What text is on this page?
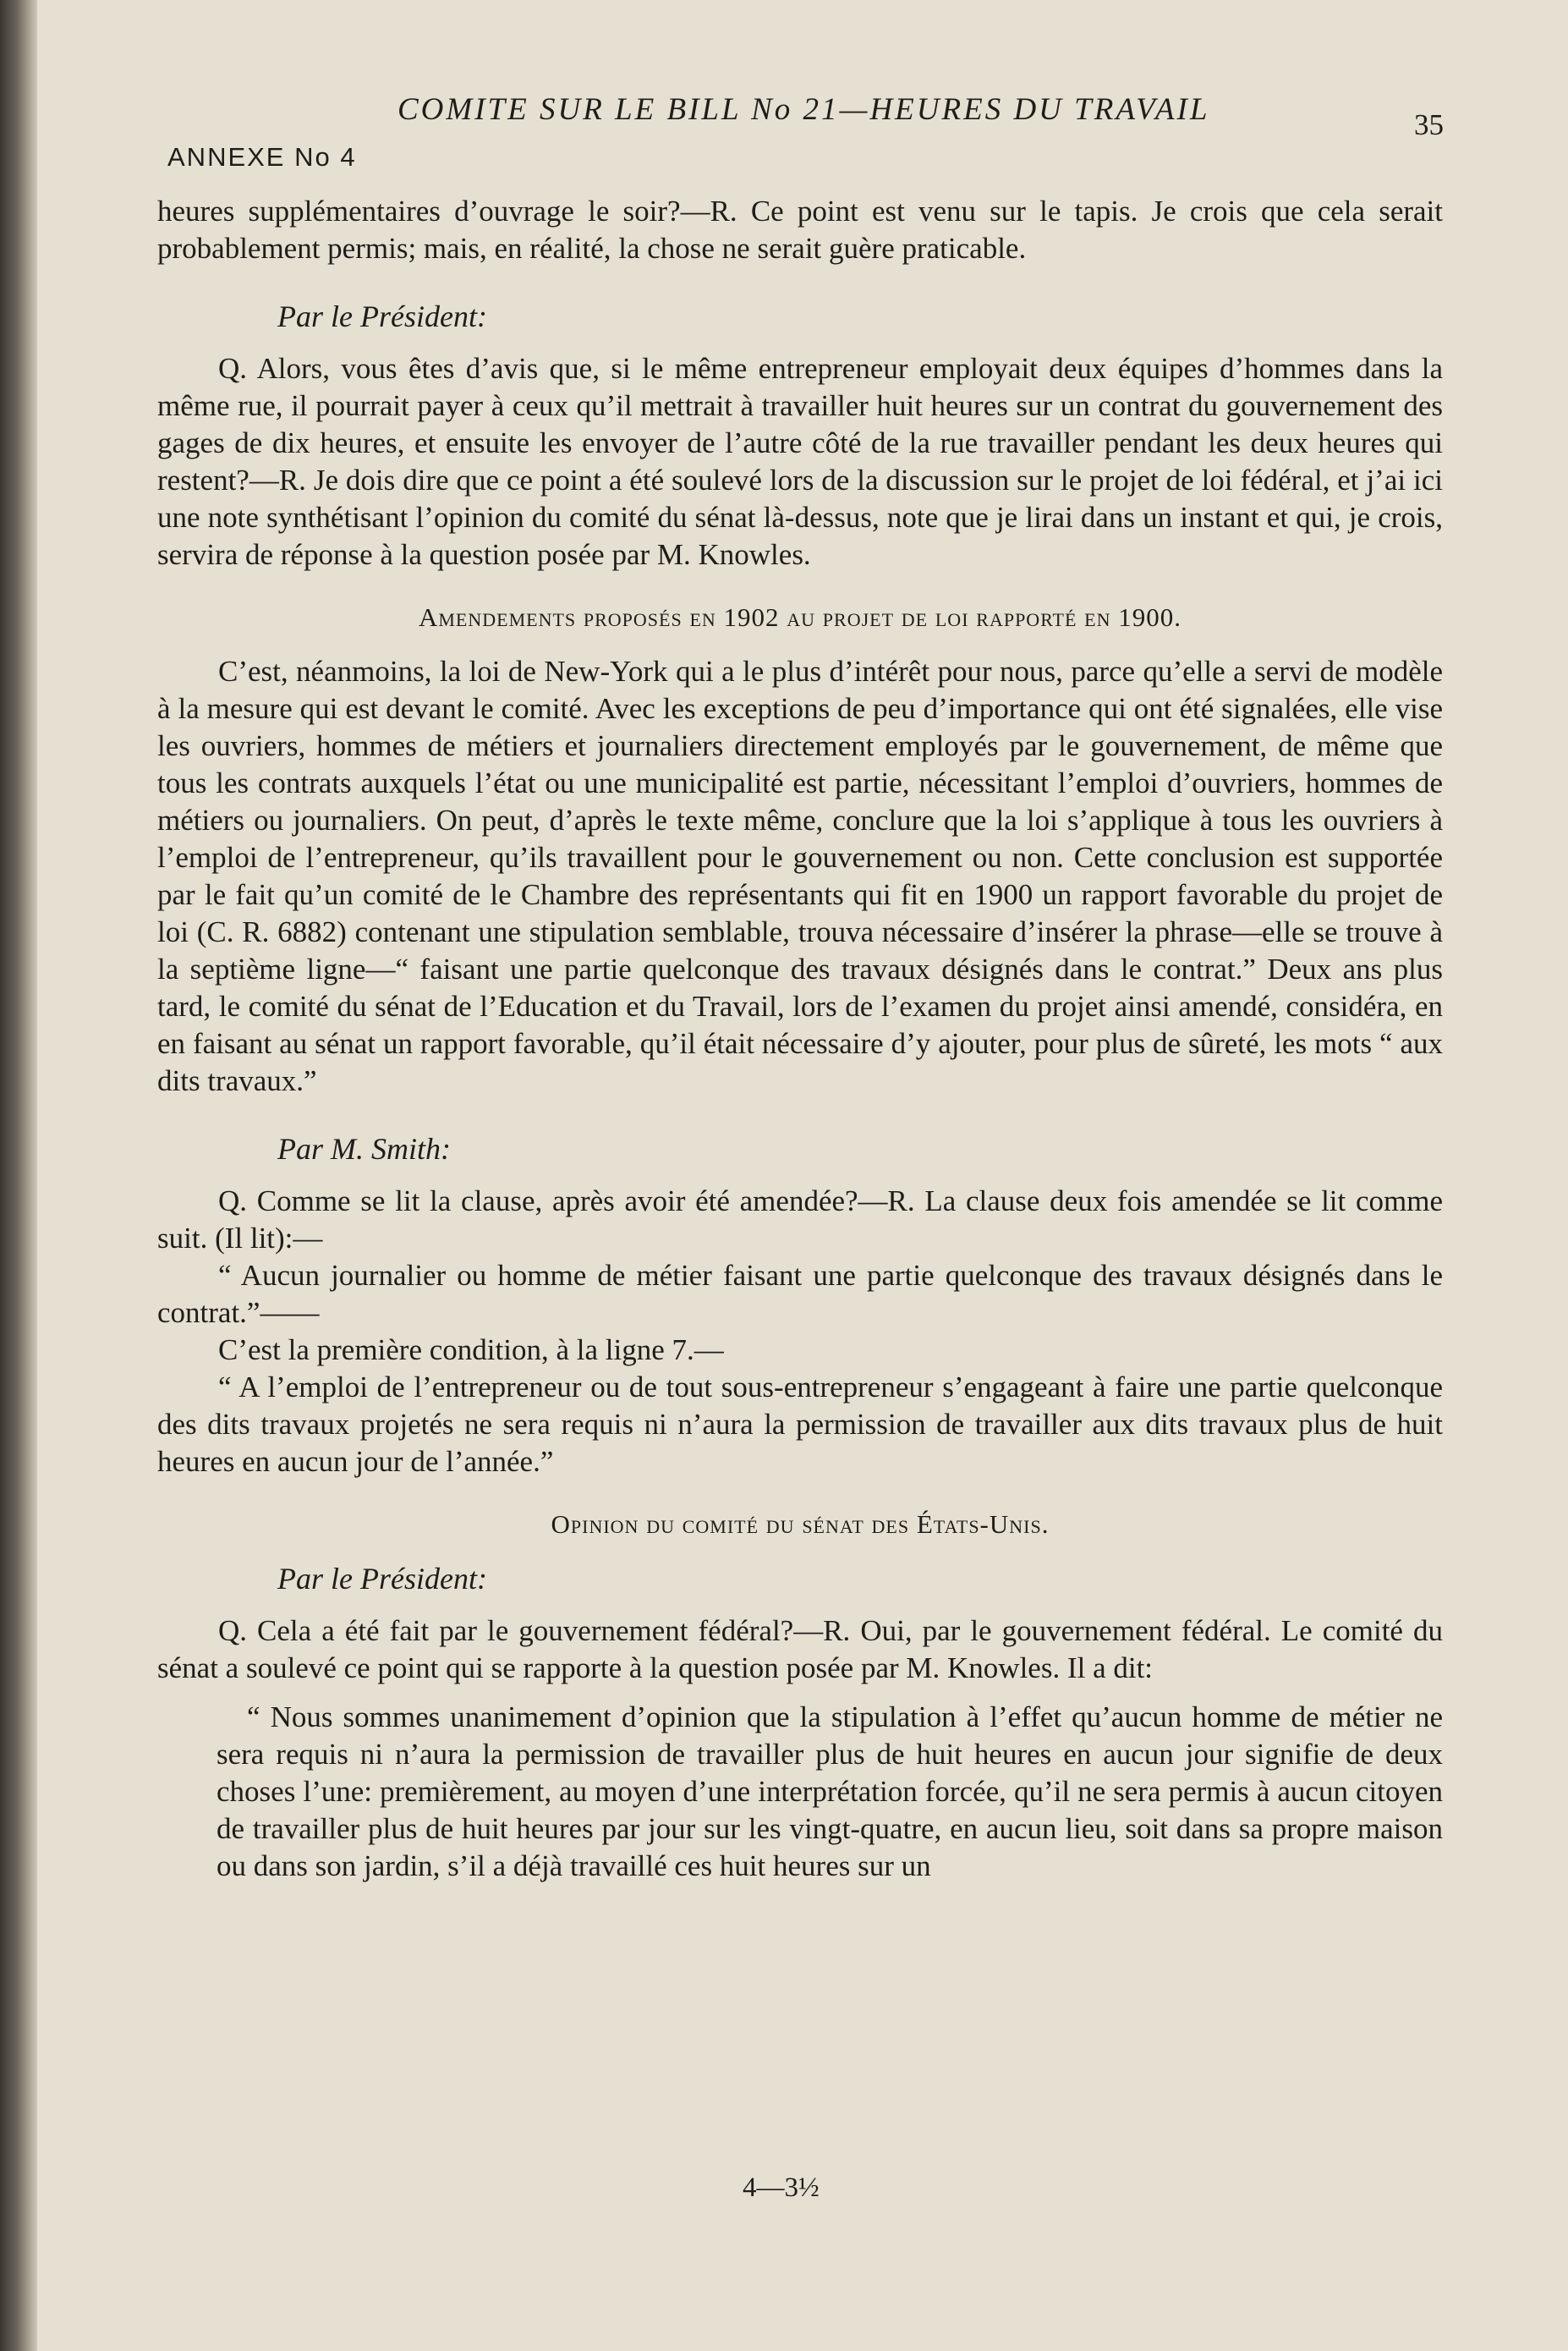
COMITE SUR LE BILL No 21—HEURES DU TRAVAIL	35
ANNEXE No 4

heures supplémentaires d’ouvrage le soir?—R. Ce point est venu sur le tapis. Je crois que cela serait probablement permis; mais, en réalité, la chose ne serait guère praticable.

Par le Président:

Q. Alors, vous êtes d’avis que, si le même entrepreneur employait deux équipes d’hommes dans la même rue, il pourrait payer à ceux qu’il mettrait à travailler huit heures sur un contrat du gouvernement des gages de dix heures, et ensuite les envoyer de l’autre côté de la rue travailler pendant les deux heures qui restent?—R. Je dois dire que ce point a été soulevé lors de la discussion sur le projet de loi fédéral, et j’ai ici une note synthétisant l’opinion du comité du sénat là-dessus, note que je lirai dans un instant et qui, je crois, servira de réponse à la question posée par M. Knowles.

Amendements proposés en 1902 au projet de loi rapporté en 1900.

C’est, néanmoins, la loi de New-York qui a le plus d’intérêt pour nous, parce qu’elle a servi de modèle à la mesure qui est devant le comité. Avec les exceptions de peu d’importance qui ont été signalées, elle vise les ouvriers, hommes de métiers et journaliers directement employés par le gouvernement, de même que tous les contrats auxquels l’état ou une municipalité est partie, nécessitant l’emploi d’ouvriers, hommes de métiers ou journaliers. On peut, d’après le texte même, conclure que la loi s’applique à tous les ouvriers à l’emploi de l’entrepreneur, qu’ils travaillent pour le gouvernement ou non. Cette conclusion est supportée par le fait qu’un comité de le Chambre des représentants qui fit en 1900 un rapport favorable du projet de loi (C. R. 6882) contenant une stipulation semblable, trouva nécessaire d’insérer la phrase—elle se trouve à la septième ligne—“ faisant une partie quelconque des travaux désignés dans le contrat.” Deux ans plus tard, le comité du sénat de l’Education et du Travail, lors de l’examen du projet ainsi amendé, considéra, en en faisant au sénat un rapport favorable, qu’il était nécessaire d’y ajouter, pour plus de sûreté, les mots “ aux dits travaux.”

Par M. Smith:

Q. Comme se lit la clause, après avoir été amendée?—R. La clause deux fois amendée se lit comme suit. (Il lit):—

“ Aucun journalier ou homme de métier faisant une partie quelconque des travaux désignés dans le contrat.”——

C’est la première condition, à la ligne 7.—

“ A l’emploi de l’entrepreneur ou de tout sous-entrepreneur s’engageant à faire une partie quelconque des dits travaux projetés ne sera requis ni n’aura la permission de travailler aux dits travaux plus de huit heures en aucun jour de l’année.”

Opinion du comité du sénat des États-Unis.
Par le Président:

Q. Cela a été fait par le gouvernement fédéral?—R. Oui, par le gouvernement fédéral. Le comité du sénat a soulevé ce point qui se rapporte à la question posée par M. Knowles. Il a dit:

“ Nous sommes unanimement d’opinion que la stipulation à l’effet qu’aucun homme de métier ne sera requis ni n’aura la permission de travailler plus de huit heures en aucun jour signifie de deux choses l’une: premièrement, au moyen d’une interprétation forcée, qu’il ne sera permis à aucun citoyen de travailler plus de huit heures par jour sur les vingt-quatre, en aucun lieu, soit dans sa propre maison ou dans son jardin, s’il a déjà travaillé ces huit heures sur un

4—3½
